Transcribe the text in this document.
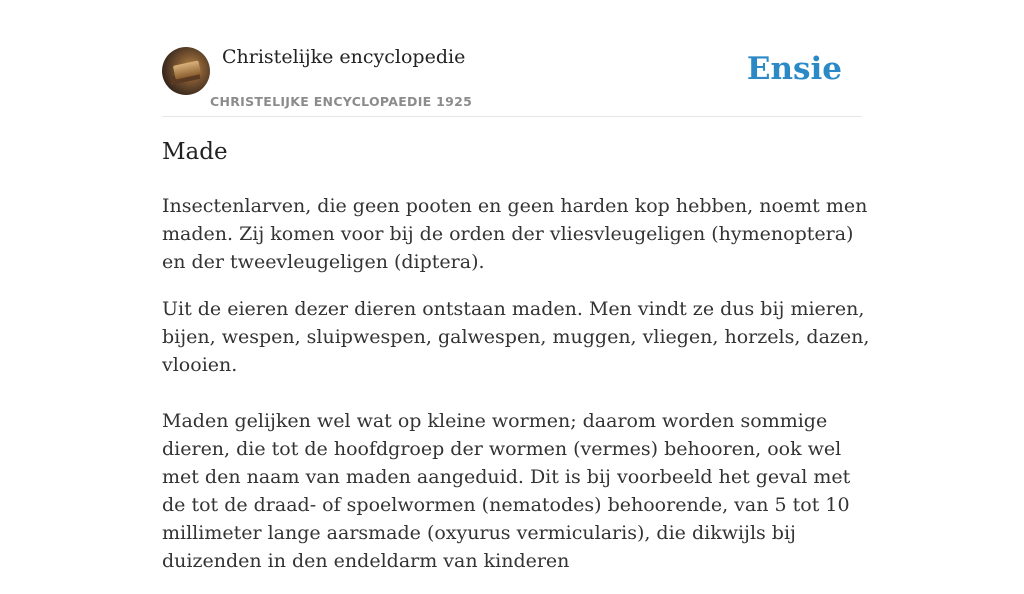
Christelijke encyclopedie
CHRISTELIJKE ENCYCLOPAEDIE 1925
Ensie
Made

Insectenlarven, die geen pooten en geen harden kop hebben, noemt men maden. Zij komen voor bij de orden der vliesvleugeligen (hymenoptera) en der tweevleugeligen (diptera).

Uit de eieren dezer dieren ontstaan maden. Men vindt ze dus bij mieren, bijen, wespen, sluipwespen, galwespen, muggen, vliegen, horzels, dazen, vlooien.

Maden gelijken wel wat op kleine wormen; daarom worden sommige dieren, die tot de hoofdgroep der wormen (vermes) behooren, ook wel met den naam van maden aangeduid. Dit is bij voorbeeld het geval met de tot de draad- of spoelwormen (nematodes) behoorende, van 5 tot 10 millimeter lange aarsmade (oxyurus vermicularis), die dikwijls bij duizenden in den endeldarm van kinderen
